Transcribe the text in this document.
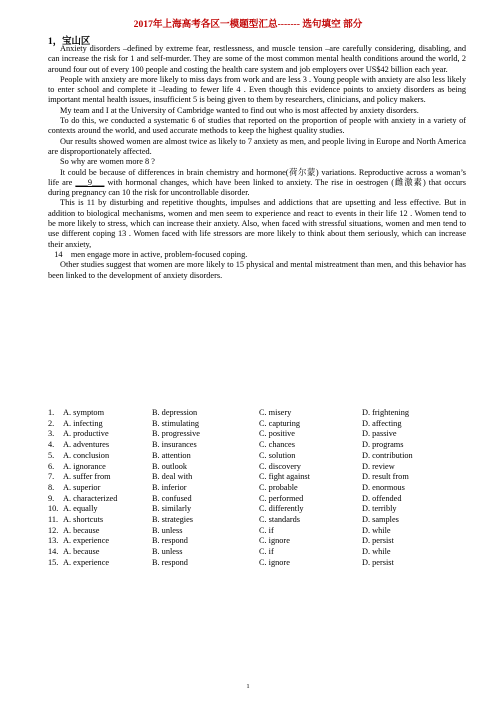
2017年上海高考各区一模题型汇总------- 选句填空 部分
1，宝山区

Anxiety disorders –defined by extreme fear, restlessness, and muscle tension –are carefully considering, disabling, and can increase the risk for 1 and self-murder. They are some of the most common mental health conditions around the world, 2 around four out of every 100 people and costing the health care system and job employers over US$42 billion each year.

People with anxiety are more likely to miss days from work and are less 3 . Young people with anxiety are also less likely to enter school and complete it –leading to fewer life 4 . Even though this evidence points to anxiety disorders as being important mental health issues, insufficient 5 is being given to them by researchers, clinicians, and policy makers.

My team and I at the University of Cambridge wanted to find out who is most affected by anxiety disorders.

To do this, we conducted a systematic 6 of studies that reported on the proportion of people with anxiety in a variety of contexts around the world, and used accurate methods to keep the highest quality studies.

Our results showed women are almost twice as likely to 7 anxiety as men, and people living in Europe and North America are disproportionately affected.

So why are women more 8 ?

It could be because of differences in brain chemistry and hormone(荷尔蒙) variations. Reproductive across a woman’s life are ___9___ with hormonal changes, which have been linked to anxiety. The rise in oestrogen (雌激素) that occurs during pregnancy can 10 the risk for uncontrollable disorder.

This is 11 by disturbing and repetitive thoughts, impulses and addictions that are upsetting and less effective. But in addition to biological mechanisms, women and men seem to experience and react to events in their life 12 . Women tend to be more likely to stress, which can increase their anxiety. Also, when faced with stressful situations, women and men tend to use different coping 13 . Women faced with life stressors are more likely to think about them seriously, which can increase their anxiety,

14 men engage more in active, problem-focused coping.

Other studies suggest that women are more likely to 15 physical and mental mistreatment than men, and this behavior has been linked to the development of anxiety disorders.

1.	A. symptom	B. depression	C. misery	D. frightening
2.	A. infecting	B. stimulating	C. capturing	D. affecting
3.	A. productive	B. progressive	C. positive	D. passive
4.	A. adventures	B. insurances	C. chances	D. programs
5.	A. conclusion	B. attention	C. solution	D. contribution
6.	A. ignorance	B. outlook	C. discovery	D. review
7.	A. suffer from	B. deal with	C. fight against	D. result from
8.	A. superior	B. inferior	C. probable	D. enormous
9.	A. characterized	B. confused	C. performed	D. offended
10. A. equally	B. similarly	C. differently	D. terribly
11. A. shortcuts	B. strategies	C. standards	D. samples
12. A. because	B. unless	C. if	D. while
13. A. experience	B. respond	C. ignore	D. persist
14. A. because	B. unless	C. if	D. while
15. A. experience	B. respond	C. ignore	D. persist
1
